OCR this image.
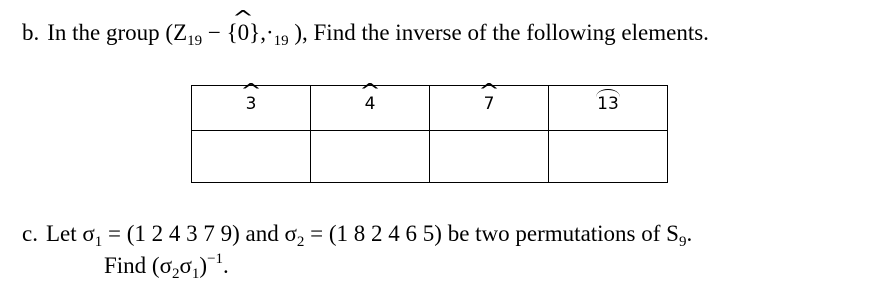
b. In the group ($Z_{19}$ − {^ $0\},\cdot_{19}$ ), Find the inverse of the following elements.
^ 3	^ 4	^ 7	13

c. Let $\sigma_1 = (1$ 2 4 3 7 9) and $\sigma_2 = (1$ 8 2 4 6 5) be two permutations of $S_9$.
Find $(\sigma_2\sigma_1)^{-1}$.
